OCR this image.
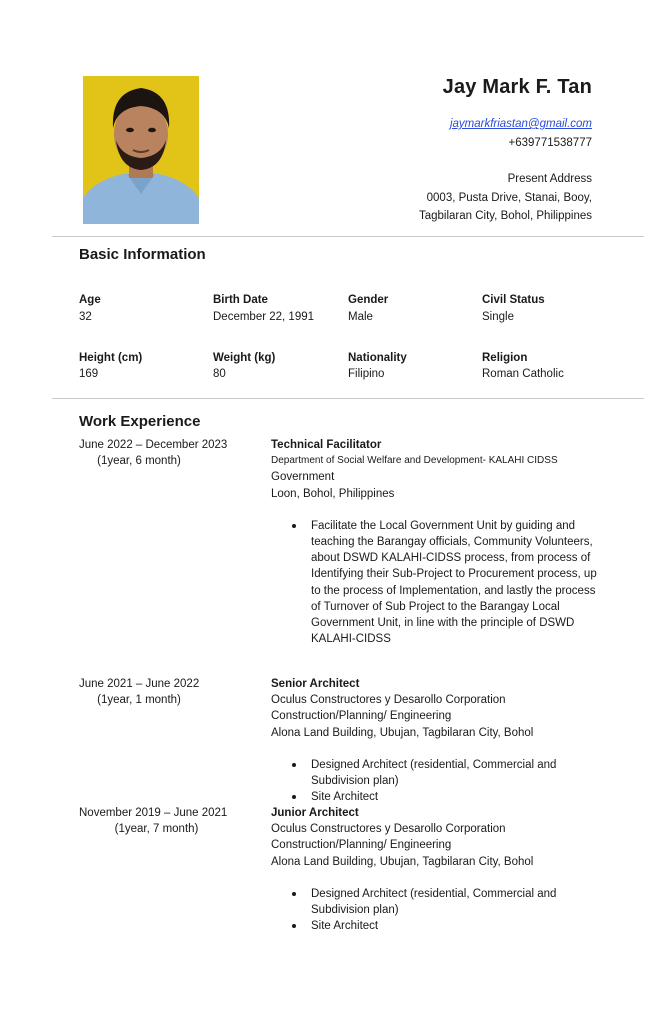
Jay Mark F. Tan
jaymarkfriastan@gmail.com
+639771538777
Present Address
0003, Pusta Drive, Stanai, Booy,
Tagbilaran City, Bohol, Philippines
Basic Information
Age
32
Birth Date
December 22, 1991
Gender
Male
Civil Status
Single
Height (cm)
169
Weight (kg)
80
Nationality
Filipino
Religion
Roman Catholic
Work Experience
June 2022 – December 2023
(1year, 6 month)
Technical Facilitator
Department of Social Welfare and Development- KALAHI CIDSS
Government
Loon, Bohol, Philippines
Facilitate the Local Government Unit by guiding and teaching the Barangay officials, Community Volunteers, about DSWD KALAHI-CIDSS process, from process of Identifying their Sub-Project to Procurement process, up to the process of Implementation, and lastly the process of Turnover of Sub Project to the Barangay Local Government Unit, in line with the principle of DSWD KALAHI-CIDSS
June 2021 – June 2022
(1year, 1 month)
Senior Architect
Oculus Constructores y Desarollo Corporation
Construction/Planning/ Engineering
Alona Land Building, Ubujan, Tagbilaran City, Bohol
Designed Architect (residential, Commercial and Subdivision plan)
Site Architect
November 2019 – June 2021
(1year, 7 month)
Junior Architect
Oculus Constructores y Desarollo Corporation
Construction/Planning/ Engineering
Alona Land Building, Ubujan, Tagbilaran City, Bohol
Designed Architect (residential, Commercial and Subdivision plan)
Site Architect
